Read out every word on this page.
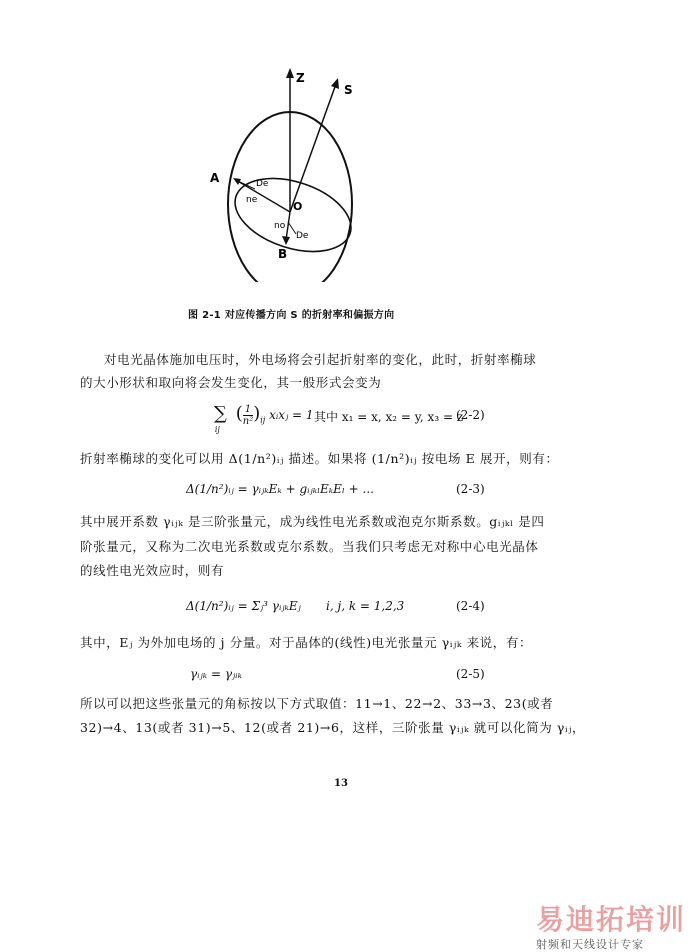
Z
S
A
B
O
De
ne
no
De
图 2-1 对应传播方向 S 的折射率和偏振方向
对电光晶体施加电压时，外电场将会引起折射率的变化，此时，折射率椭球
的大小形状和取向将会发生变化，其一般形式会变为
$\sum_{ij}$ ( $\frac{1}{\text{n²}} )_{ij}$ xᵢxⱼ = 1 其中 x₁ = x, x₂ = y, x₃ = z
(2-2)
折射率椭球的变化可以用 Δ(1/n²)ᵢⱼ 描述。如果将 (1/n²)ᵢⱼ 按电场 E 展开，则有：
Δ(1/n²)ᵢⱼ = γᵢⱼₖEₖ + gᵢⱼₖₗEₖEₗ + ...	(2-3)
其中展开系数 γᵢⱼₖ 是三阶张量元，成为线性电光系数或泡克尔斯系数。gᵢⱼₖₗ 是四
阶张量元，又称为二次电光系数或克尔系数。当我们只考虑无对称中心电光晶体
的线性电光效应时，则有
Δ(1/n²)ᵢⱼ = Σⱼ³ γᵢⱼₖEⱼ i, j, k = 1,2,3	(2-4)
其中，Eⱼ 为外加电场的 j 分量。对于晶体的(线性)电光张量元 γᵢⱼₖ 来说，有：
γᵢⱼₖ = γⱼᵢₖ	(2-5)
所以可以把这些张量元的角标按以下方式取值：11→1、22→2、33→3、23(或者
32)→4、13(或者 31)→5、12(或者 21)→6，这样，三阶张量 γᵢⱼₖ 就可以化简为 γᵢⱼ，
13
易迪拓培训
射频和天线设计专家
